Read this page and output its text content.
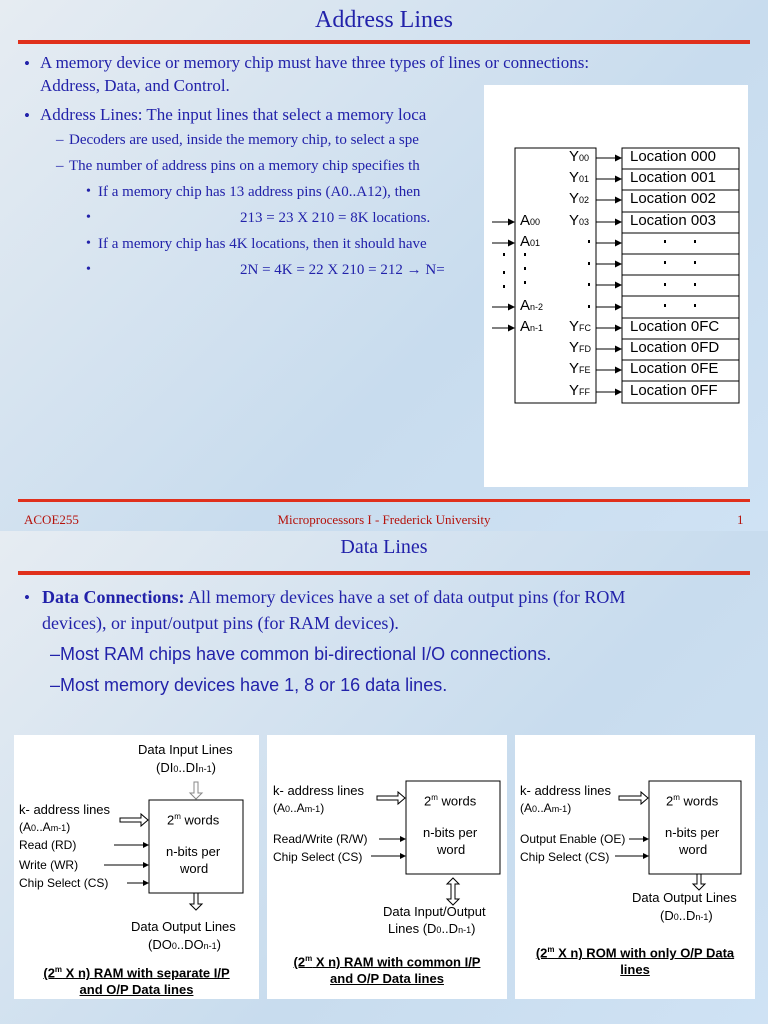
Address Lines
• A memory device or memory chip must have three types of lines or connections:
Address, Data, and Control.
• Address Lines: The input lines that select a memory loca
– Decoders are used, inside the memory chip, to select a spe
– The number of address pins on a memory chip specifies th
• If a memory chip has 13 address pins (A0..A12), then
•	213 = 23 X 210 = 8K locations.
• If a memory chip has 4K locations, then it should have
•	2N = 4K = 22 X 210 = 212 → N=
A00
A01
An-2
An-1
Y00
Y01
Y02
Y03
YFC
YFD
YFE
YFF
Location 000
Location 001
Location 002
Location 003
Location 0FC
Location 0FD
Location 0FE
Location 0FF
ACOE255	Microprocessors I - Frederick University	1
Data Lines
• Data Connections: All memory devices have a set of data output pins (for ROM
devices), or input/output pins (for RAM devices).
–Most RAM chips have common bi-directional I/O connections.
–Most memory devices have 1, 8 or 16 data lines.
Data Input Lines
(DI0..DIn-1)
k- address lines
(A0..Am-1)
Read (RD)
Write (WR)
Chip Select (CS)
2$^m$ words
n-bits per
word
Data Output Lines
(DO0..DOn-1)
(2$^m$ X n) RAM with separate I/P
and O/P Data lines
k- address lines
(A0..Am-1)
Read/Write (R/W)
Chip Select (CS)
2$^m$ words
n-bits per
word
Data Input/Output
Lines (D0..Dn-1)
(2$^m$ X n) RAM with common I/P
and O/P Data lines
k- address lines
(A0..Am-1)
Output Enable (OE)
Chip Select (CS)
2$^m$ words
n-bits per
word
Data Output Lines
(D0..Dn-1)
(2$^m$ X n) ROM with only O/P Data
lines
